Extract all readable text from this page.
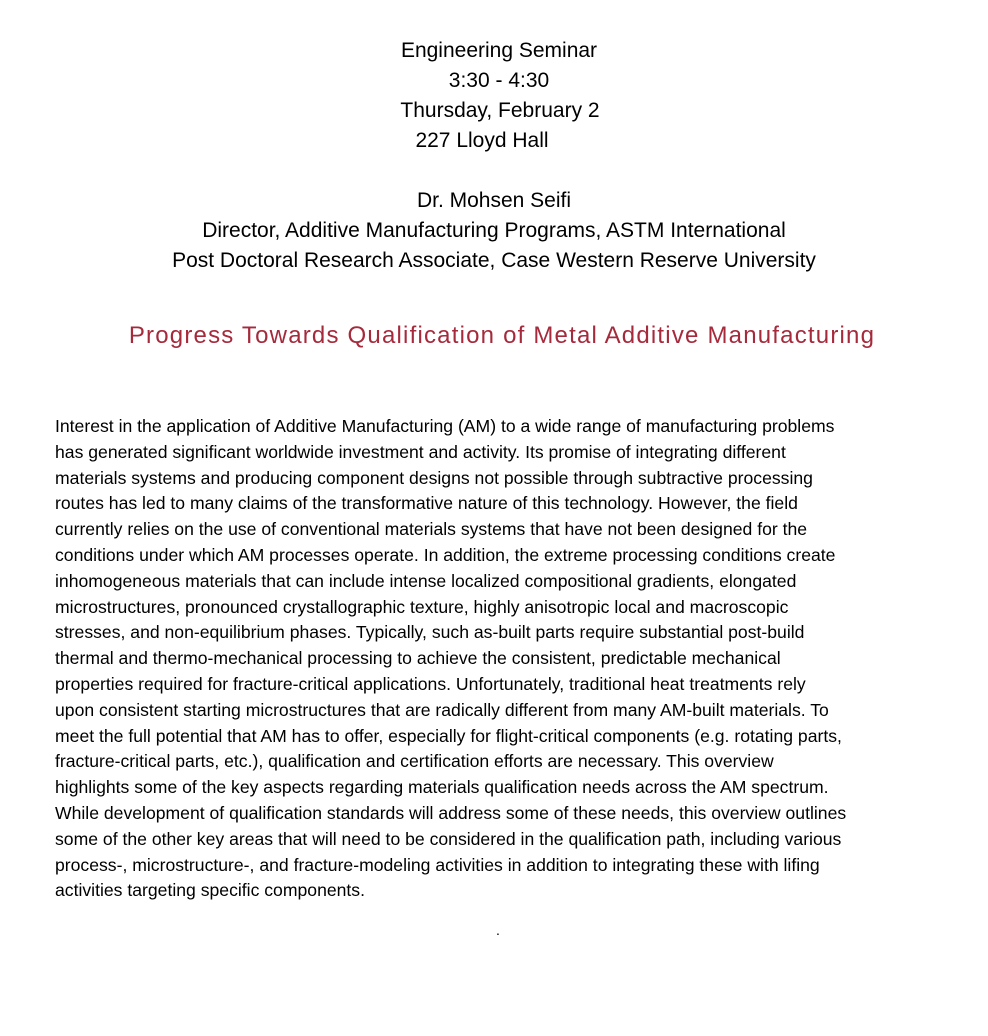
Engineering Seminar
3:30 - 4:30
Thursday, February 2
227 Lloyd Hall
Dr. Mohsen Seifi
Director, Additive Manufacturing Programs, ASTM International
Post Doctoral Research Associate, Case Western Reserve University
Progress Towards Qualification of Metal Additive Manufacturing
Interest in the application of Additive Manufacturing (AM) to a wide range of manufacturing problems
has generated significant worldwide investment and activity. Its promise of integrating different
materials systems and producing component designs not possible through subtractive processing
routes has led to many claims of the transformative nature of this technology. However, the field
currently relies on the use of conventional materials systems that have not been designed for the
conditions under which AM processes operate. In addition, the extreme processing conditions create
inhomogeneous materials that can include intense localized compositional gradients, elongated
microstructures, pronounced crystallographic texture, highly anisotropic local and macroscopic
stresses, and non-equilibrium phases. Typically, such as-built parts require substantial post-build
thermal and thermo-mechanical processing to achieve the consistent, predictable mechanical
properties required for fracture-critical applications. Unfortunately, traditional heat treatments rely
upon consistent starting microstructures that are radically different from many AM-built materials. To
meet the full potential that AM has to offer, especially for flight-critical components (e.g. rotating parts,
fracture-critical parts, etc.), qualification and certification efforts are necessary. This overview
highlights some of the key aspects regarding materials qualification needs across the AM spectrum.
While development of qualification standards will address some of these needs, this overview outlines
some of the other key areas that will need to be considered in the qualification path, including various
process-, microstructure-, and fracture-modeling activities in addition to integrating these with lifing
activities targeting specific components.
.
